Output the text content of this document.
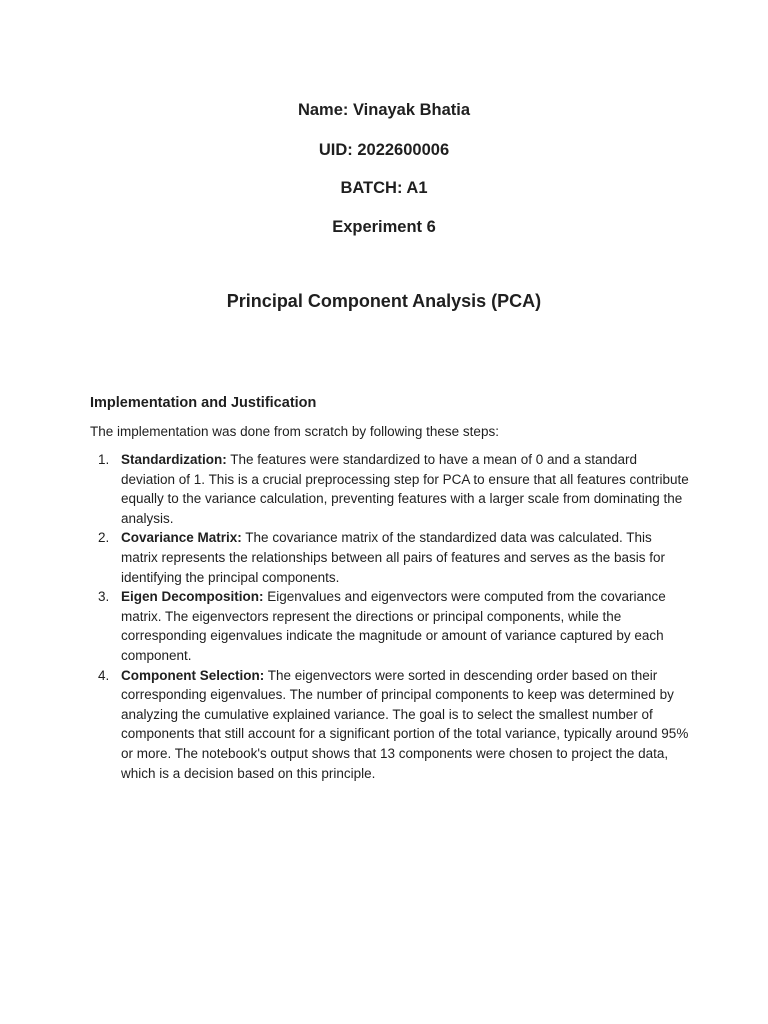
Name: Vinayak Bhatia
UID: 2022600006
BATCH: A1
Experiment 6
Principal Component Analysis (PCA)
Implementation and Justification
The implementation was done from scratch by following these steps:
1. Standardization: The features were standardized to have a mean of 0 and a standard deviation of 1. This is a crucial preprocessing step for PCA to ensure that all features contribute equally to the variance calculation, preventing features with a larger scale from dominating the analysis.
2. Covariance Matrix: The covariance matrix of the standardized data was calculated. This matrix represents the relationships between all pairs of features and serves as the basis for identifying the principal components.
3. Eigen Decomposition: Eigenvalues and eigenvectors were computed from the covariance matrix. The eigenvectors represent the directions or principal components, while the corresponding eigenvalues indicate the magnitude or amount of variance captured by each component.
4. Component Selection: The eigenvectors were sorted in descending order based on their corresponding eigenvalues. The number of principal components to keep was determined by analyzing the cumulative explained variance. The goal is to select the smallest number of components that still account for a significant portion of the total variance, typically around 95% or more. The notebook's output shows that 13 components were chosen to project the data, which is a decision based on this principle.
